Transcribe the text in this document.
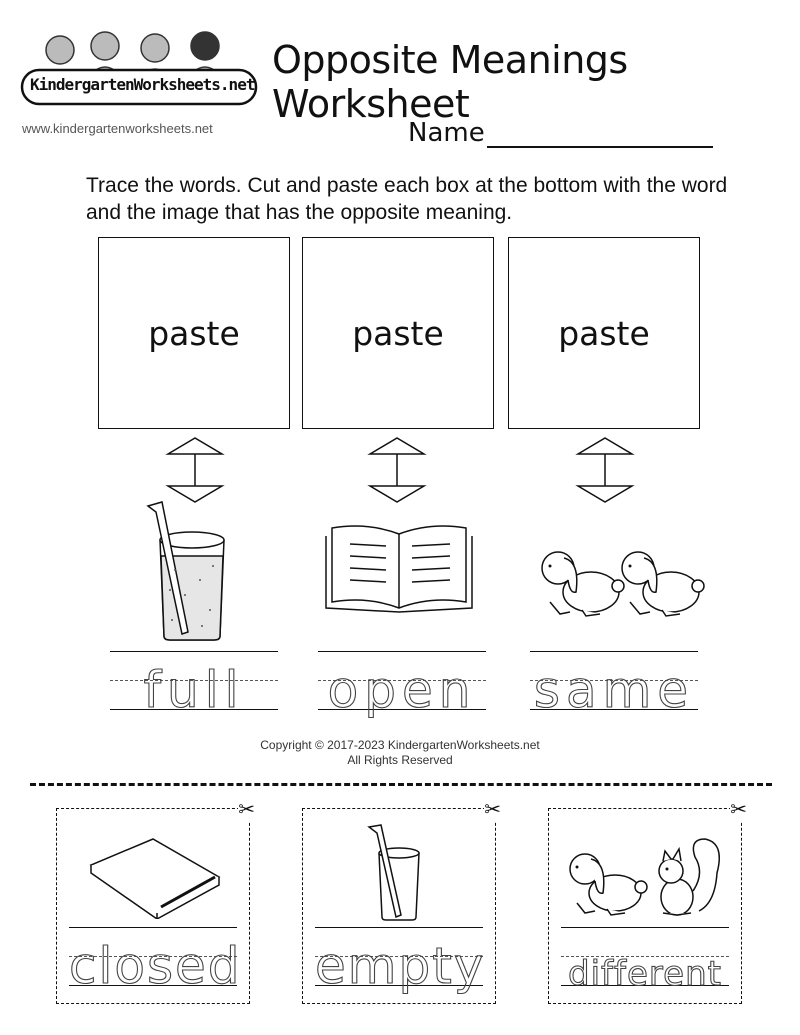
KindergartenWorksheets.net
www.kindergartenworksheets.net
Opposite Meanings Worksheet
Name
Trace the words. Cut and paste each box at the bottom with the word and the image that has the opposite meaning.
paste	paste	paste
full	open same
Copyright © 2017-2023 KindergartenWorksheets.net
All Rights Reserved
✂
closed
✂
empty
✂
different
